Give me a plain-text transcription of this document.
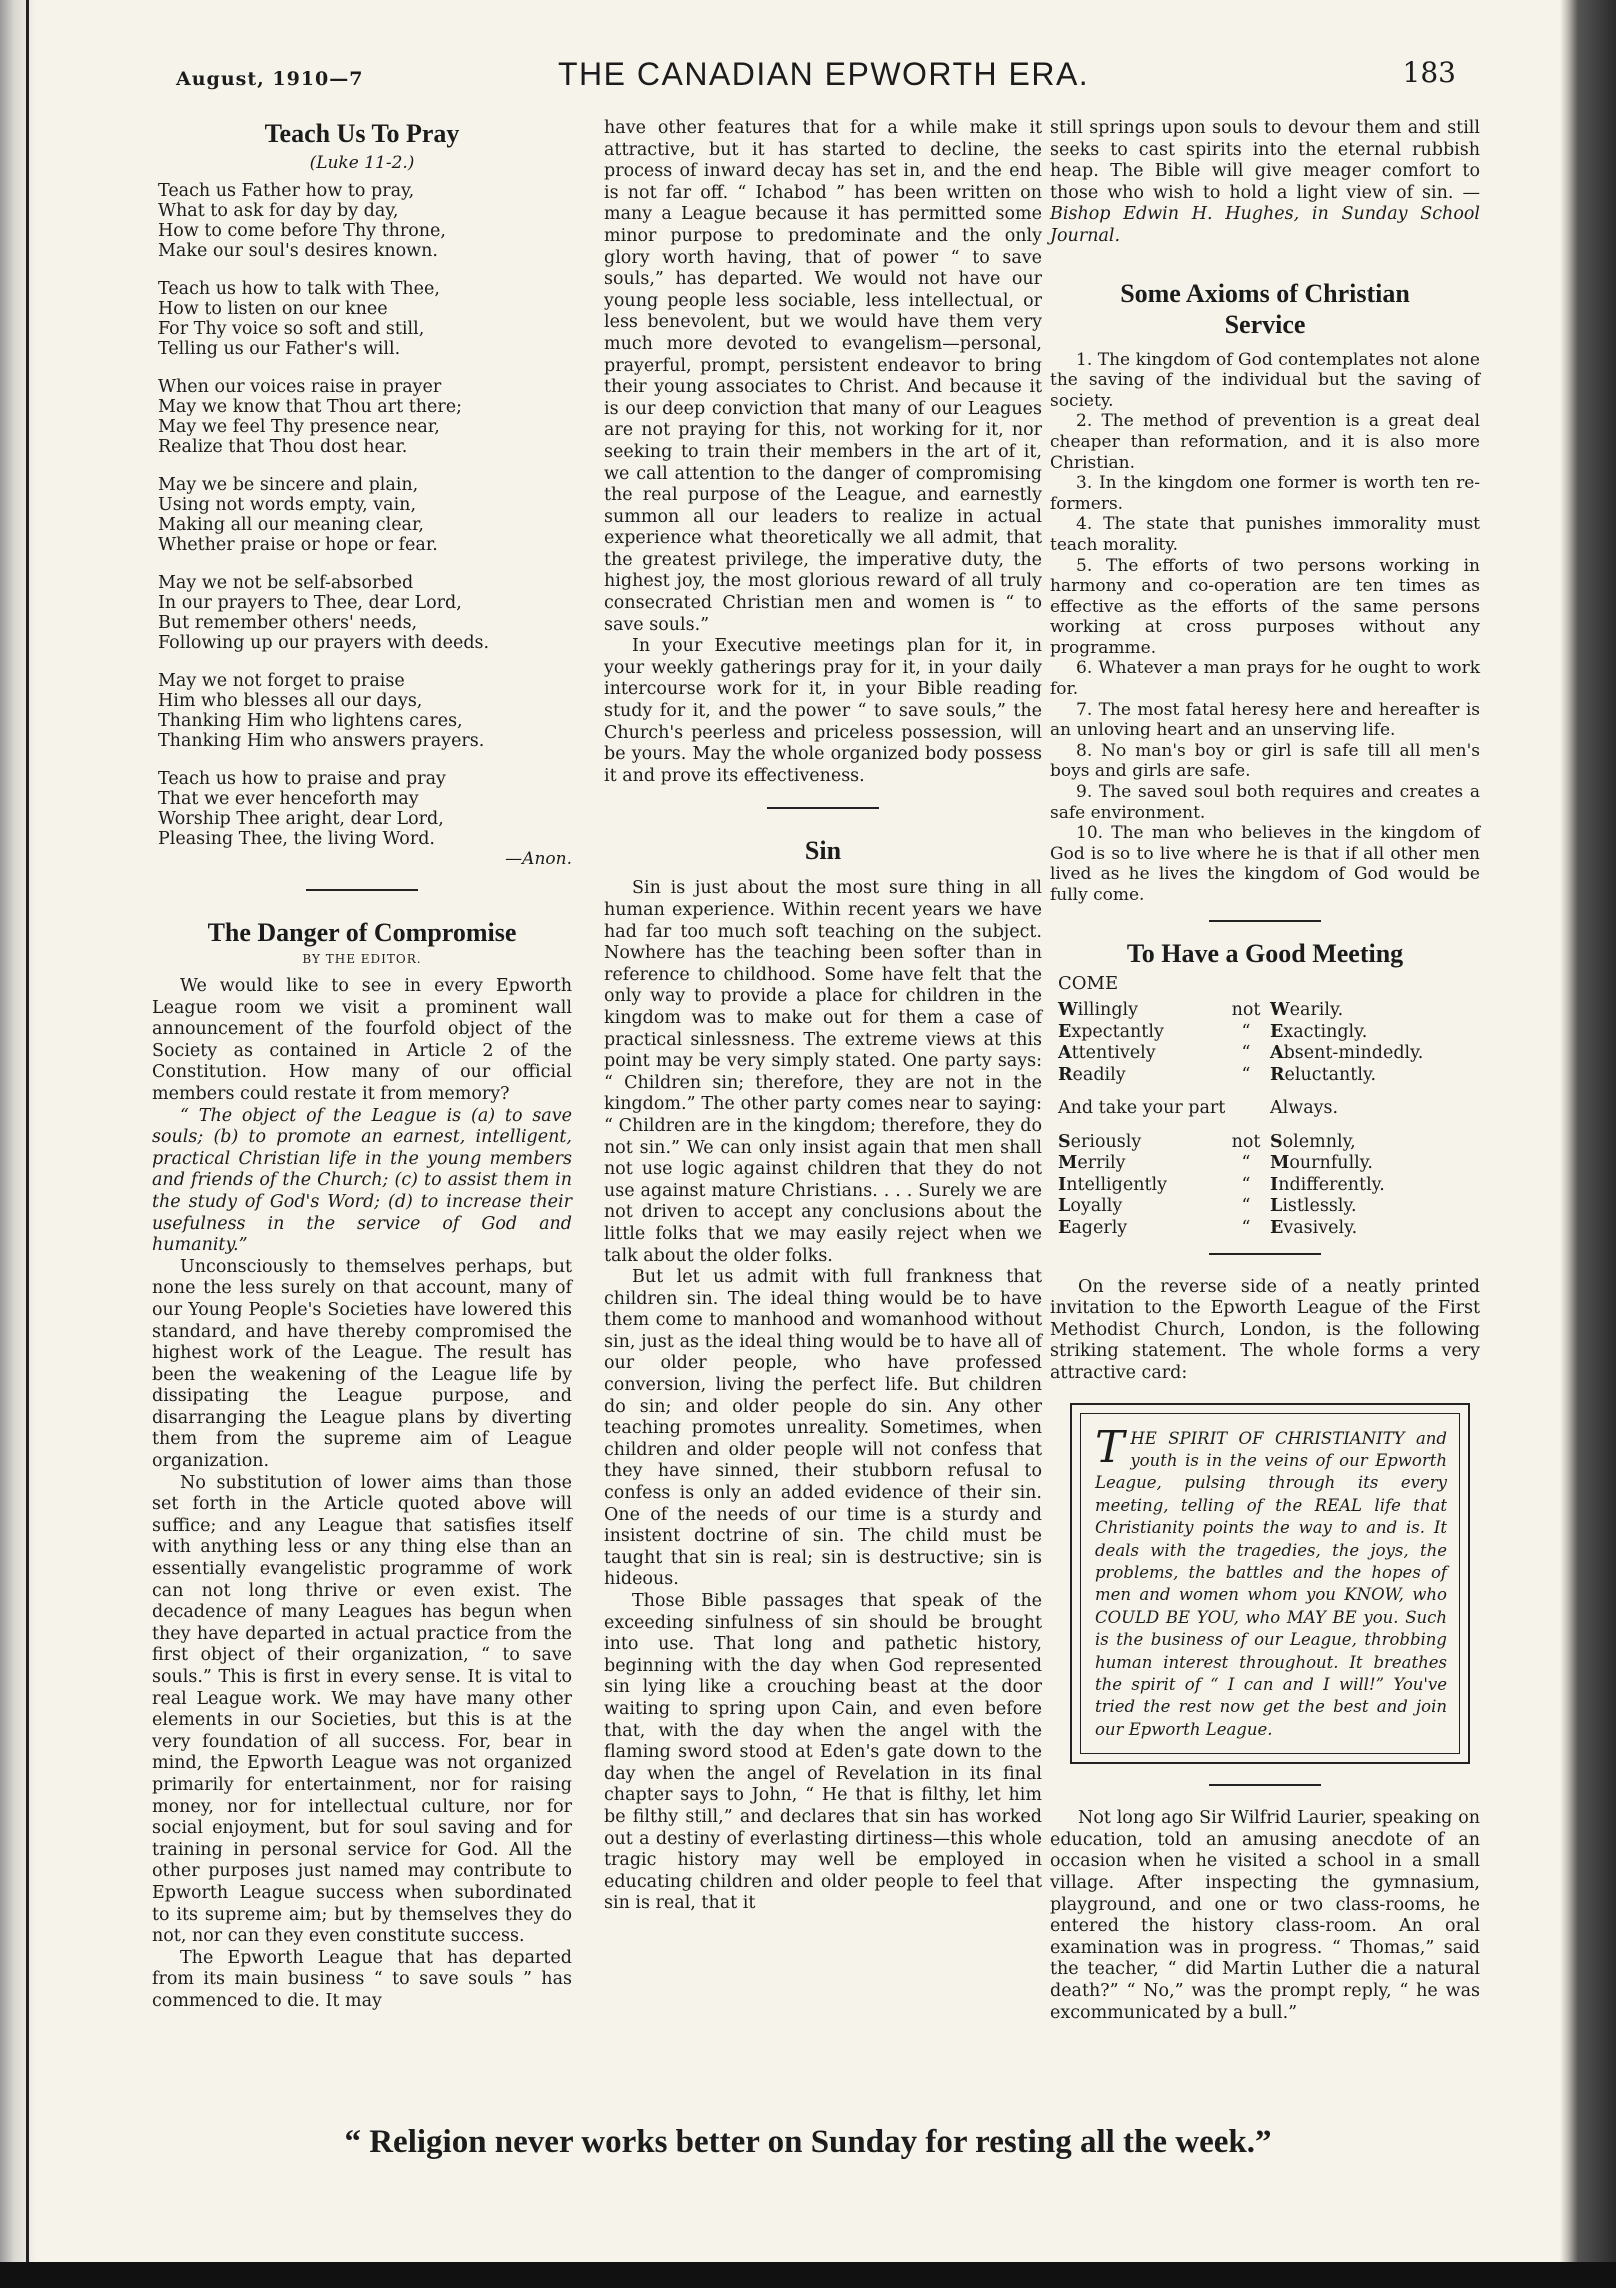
August, 1910—7	THE CANADIAN EPWORTH ERA.	183
Teach Us To Pray
(Luke 11-2.)

Teach us Father how to pray,
What to ask for day by day,
How to come before Thy throne,
Make our soul's desires known.

Teach us how to talk with Thee,
How to listen on our knee
For Thy voice so soft and still,
Telling us our Father's will.

When our voices raise in prayer
May we know that Thou art there;
May we feel Thy presence near,
Realize that Thou dost hear.

May we be sincere and plain,
Using not words empty, vain,
Making all our meaning clear,
Whether praise or hope or fear.

May we not be self-absorbed
In our prayers to Thee, dear Lord,
But remember others' needs,
Following up our prayers with deeds.

May we not forget to praise
Him who blesses all our days,
Thanking Him who lightens cares,
Thanking Him who answers prayers.

Teach us how to praise and pray
That we ever henceforth may
Worship Thee aright, dear Lord,
Pleasing Thee, the living Word.

—Anon.
The Danger of Compromise
BY THE EDITOR.

We would like to see in every Epworth League room we visit a prominent wall announcement of the fourfold object of the Society as contained in Article 2 of the Constitution. How many of our official members could restate it from memory?

“ The object of the League is (a) to save souls; (b) to promote an earnest, intelligent, practical Christian life in the young members and friends of the Church; (c) to assist them in the study of God's Word; (d) to increase their usefulness in the service of God and humanity.”

Unconsciously to themselves perhaps, but none the less surely on that account, many of our Young People's Societies have lowered this standard, and have thereby compromised the highest work of the League. The result has been the weakening of the League life by dissipating the League purpose, and disarranging the League plans by diverting them from the supreme aim of League organization.

No substitution of lower aims than those set forth in the Article quoted above will suffice; and any League that satisfies itself with anything less or any thing else than an essentially evangelistic programme of work can not long thrive or even exist. The decadence of many Leagues has begun when they have departed in actual practice from the first object of their organization, “ to save souls.” This is first in every sense. It is vital to real League work. We may have many other elements in our Societies, but this is at the very foundation of all success. For, bear in mind, the Epworth League was not organized primarily for entertainment, nor for raising money, nor for intellectual culture, nor for social enjoyment, but for soul saving and for training in personal service for God. All the other purposes just named may contribute to Epworth League success when subordinated to its supreme aim; but by themselves they do not, nor can they even constitute success.

The Epworth League that has departed from its main business “ to save souls ” has commenced to die. It may

have other features that for a while make it attractive, but it has started to decline, the process of inward decay has set in, and the end is not far off. “ Ichabod ” has been written on many a League because it has permitted some minor purpose to predominate and the only glory worth having, that of power “ to save souls,” has departed. We would not have our young people less sociable, less intellectual, or less benevolent, but we would have them very much more devoted to evangelism—personal, prayerful, prompt, persistent endeavor to bring their young associates to Christ. And because it is our deep conviction that many of our Leagues are not praying for this, not working for it, nor seeking to train their members in the art of it, we call attention to the danger of compromising the real purpose of the League, and earnestly summon all our leaders to realize in actual experience what theoretically we all admit, that the greatest privilege, the imperative duty, the highest joy, the most glorious reward of all truly consecrated Christian men and women is “ to save souls.”

In your Executive meetings plan for it, in your weekly gatherings pray for it, in your daily intercourse work for it, in your Bible reading study for it, and the power “ to save souls,” the Church's peerless and priceless possession, will be yours. May the whole organized body possess it and prove its effectiveness.

Sin

Sin is just about the most sure thing in all human experience. Within recent years we have had far too much soft teaching on the subject. Nowhere has the teaching been softer than in reference to childhood. Some have felt that the only way to provide a place for children in the kingdom was to make out for them a case of practical sinlessness. The extreme views at this point may be very simply stated. One party says: “ Children sin; therefore, they are not in the kingdom.” The other party comes near to saying: “ Children are in the kingdom; therefore, they do not sin.” We can only insist again that men shall not use logic against children that they do not use against mature Christians. . . . Surely we are not driven to accept any conclusions about the little folks that we may easily reject when we talk about the older folks.

But let us admit with full frankness that children sin. The ideal thing would be to have them come to manhood and womanhood without sin, just as the ideal thing would be to have all of our older people, who have professed conversion, living the perfect life. But children do sin; and older people do sin. Any other teaching promotes unreality. Sometimes, when children and older people will not confess that they have sinned, their stubborn refusal to confess is only an added evidence of their sin. One of the needs of our time is a sturdy and insistent doctrine of sin. The child must be taught that sin is real; sin is destructive; sin is hideous.

Those Bible passages that speak of the exceeding sinfulness of sin should be brought into use. That long and pathetic history, beginning with the day when God represented sin lying like a crouching beast at the door waiting to spring upon Cain, and even before that, with the day when the angel with the flaming sword stood at Eden's gate down to the day when the angel of Revelation in its final chapter says to John, “ He that is filthy, let him be filthy still,” and declares that sin has worked out a destiny of everlasting dirtiness—this whole tragic history may well be employed in educating children and older people to feel that sin is real, that it

still springs upon souls to devour them and still seeks to cast spirits into the eternal rubbish heap. The Bible will give meager comfort to those who wish to hold a light view of sin. —Bishop Edwin H. Hughes, in Sunday School Journal.

Some Axioms of Christian Service

1. The kingdom of God contemplates not alone the saving of the individual but the saving of society.

2. The method of prevention is a great deal cheaper than reformation, and it is also more Christian.

3. In the kingdom one former is worth ten re-formers.

4. The state that punishes immorality must teach morality.

5. The efforts of two persons working in harmony and co-operation are ten times as effective as the efforts of the same persons working at cross purposes without any programme.

6. Whatever a man prays for he ought to work for.

7. The most fatal heresy here and hereafter is an unloving heart and an unserving life.

8. No man's boy or girl is safe till all men's boys and girls are safe.

9. The saved soul both requires and creates a safe environment.

10. The man who believes in the kingdom of God is so to live where he is that if all other men lived as he lives the kingdom of God would be fully come.

To Have a Good Meeting
COME
Willingly	not Wearily.
Expectantly	“	Exactingly.
Attentively	“	Absent-mindedly.
Readily	“	Reluctantly.
And take your part	Always.
Seriously	not Solemnly,
Merrily	“	Mournfully.
Intelligently	“	Indifferently.
Loyally	“	Listlessly.
Eagerly	“	Evasively.

On the reverse side of a neatly printed invitation to the Epworth League of the First Methodist Church, London, is the following striking statement. The whole forms a very attractive card:

THE SPIRIT OF CHRISTIANITY and youth is in the veins of our Epworth League, pulsing through its every meeting, telling of the REAL life that Christianity points the way to and is. It deals with the tragedies, the joys, the problems, the battles and the hopes of men and women whom you KNOW, who COULD BE YOU, who MAY BE you. Such is the business of our League, throbbing human interest throughout. It breathes the spirit of “ I can and I will!” You've tried the rest now get the best and join our Epworth League.

Not long ago Sir Wilfrid Laurier, speaking on education, told an amusing anecdote of an occasion when he visited a school in a small village. After inspecting the gymnasium, playground, and one or two class-rooms, he entered the history class-room. An oral examination was in progress. “ Thomas,” said the teacher, “ did Martin Luther die a natural death?” “ No,” was the prompt reply, “ he was excommunicated by a bull.”

“ Religion never works better on Sunday for resting all the week.”
